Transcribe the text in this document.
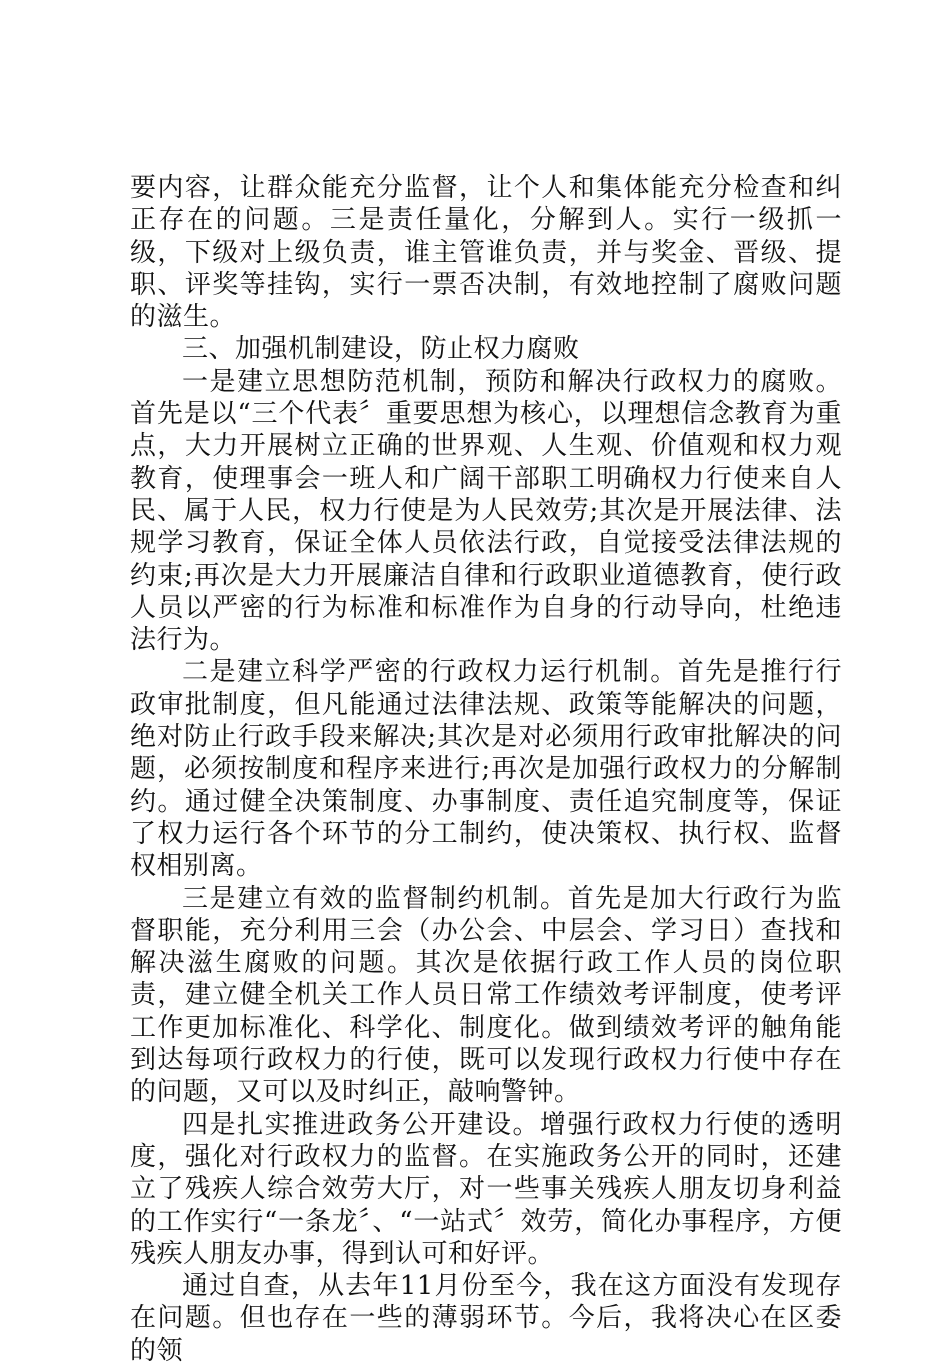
要内容，让群众能充分监督，让个人和集体能充分检查和纠正存在的问题。三是责任量化，分解到人。实行一级抓一级，下级对上级负责，谁主管谁负责，并与奖金、晋级、提职、评奖等挂钩，实行一票否决制，有效地控制了腐败问题的滋生。

三、加强机制建设，防止权力腐败

一是建立思想防范机制，预防和解决行政权力的腐败。首先是以“三个代表〞重要思想为核心，以理想信念教育为重点，大力开展树立正确的世界观、人生观、价值观和权力观教育，使理事会一班人和广阔干部职工明确权力行使来自人民、属于人民，权力行使是为人民效劳;其次是开展法律、法规学习教育，保证全体人员依法行政，自觉接受法律法规的约束;再次是大力开展廉洁自律和行政职业道德教育，使行政人员以严密的行为标准和标准作为自身的行动导向，杜绝违法行为。

二是建立科学严密的行政权力运行机制。首先是推行行政审批制度，但凡能通过法律法规、政策等能解决的问题，绝对防止行政手段来解决;其次是对必须用行政审批解决的问题，必须按制度和程序来进行;再次是加强行政权力的分解制约。通过健全决策制度、办事制度、责任追究制度等，保证了权力运行各个环节的分工制约，使决策权、执行权、监督权相别离。

三是建立有效的监督制约机制。首先是加大行政行为监督职能，充分利用三会（办公会、中层会、学习日）查找和解决滋生腐败的问题。其次是依据行政工作人员的岗位职责，建立健全机关工作人员日常工作绩效考评制度，使考评工作更加标准化、科学化、制度化。做到绩效考评的触角能到达每项行政权力的行使，既可以发现行政权力行使中存在的问题，又可以及时纠正，敲响警钟。

四是扎实推进政务公开建设。增强行政权力行使的透明度，强化对行政权力的监督。在实施政务公开的同时，还建立了残疾人综合效劳大厅，对一些事关残疾人朋友切身利益的工作实行“一条龙〞、“一站式〞效劳，简化办事程序，方便残疾人朋友办事，得到认可和好评。

通过自查，从去年11月份至今，我在这方面没有发现存在问题。但也存在一些的薄弱环节。今后，我将决心在区委的领
